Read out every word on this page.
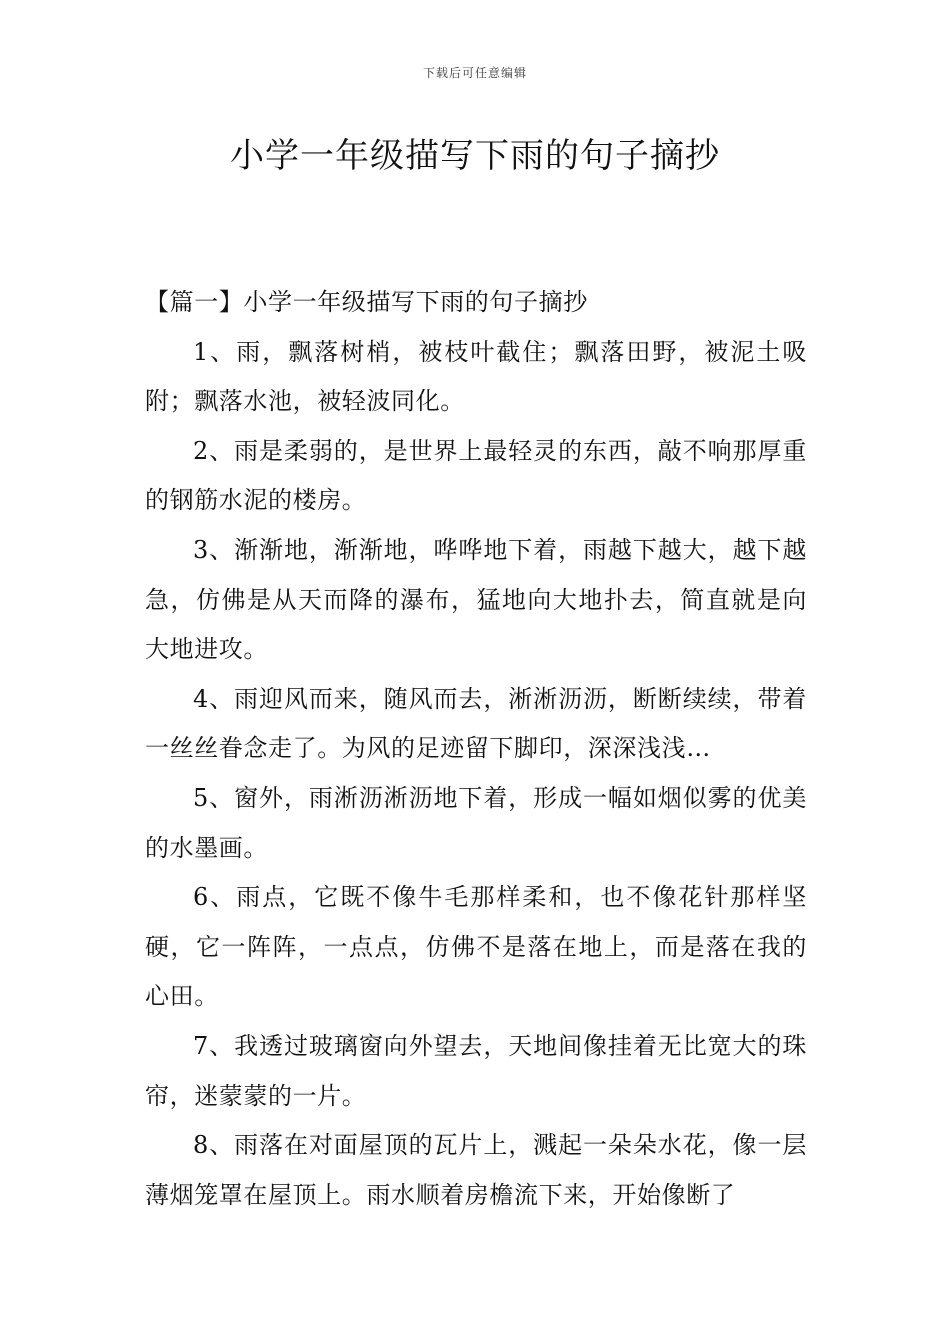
下载后可任意编辑
小学一年级描写下雨的句子摘抄

【篇一】小学一年级描写下雨的句子摘抄

1、雨，飘落树梢，被枝叶截住；飘落田野，被泥土吸附；飘落水池，被轻波同化。

2、雨是柔弱的，是世界上最轻灵的东西，敲不响那厚重的钢筋水泥的楼房。

3、渐渐地，渐渐地，哗哗地下着，雨越下越大，越下越急，仿佛是从天而降的瀑布，猛地向大地扑去，简直就是向大地进攻。

4、雨迎风而来，随风而去，淅淅沥沥，断断续续，带着一丝丝眷念走了。为风的足迹留下脚印，深深浅浅…

5、窗外，雨淅沥淅沥地下着，形成一幅如烟似雾的优美的水墨画。

6、雨点，它既不像牛毛那样柔和，也不像花针那样坚硬，它一阵阵，一点点，仿佛不是落在地上，而是落在我的心田。

7、我透过玻璃窗向外望去，天地间像挂着无比宽大的珠帘，迷蒙蒙的一片。

8、雨落在对面屋顶的瓦片上，溅起一朵朵水花，像一层薄烟笼罩在屋顶上。雨水顺着房檐流下来，开始像断了
